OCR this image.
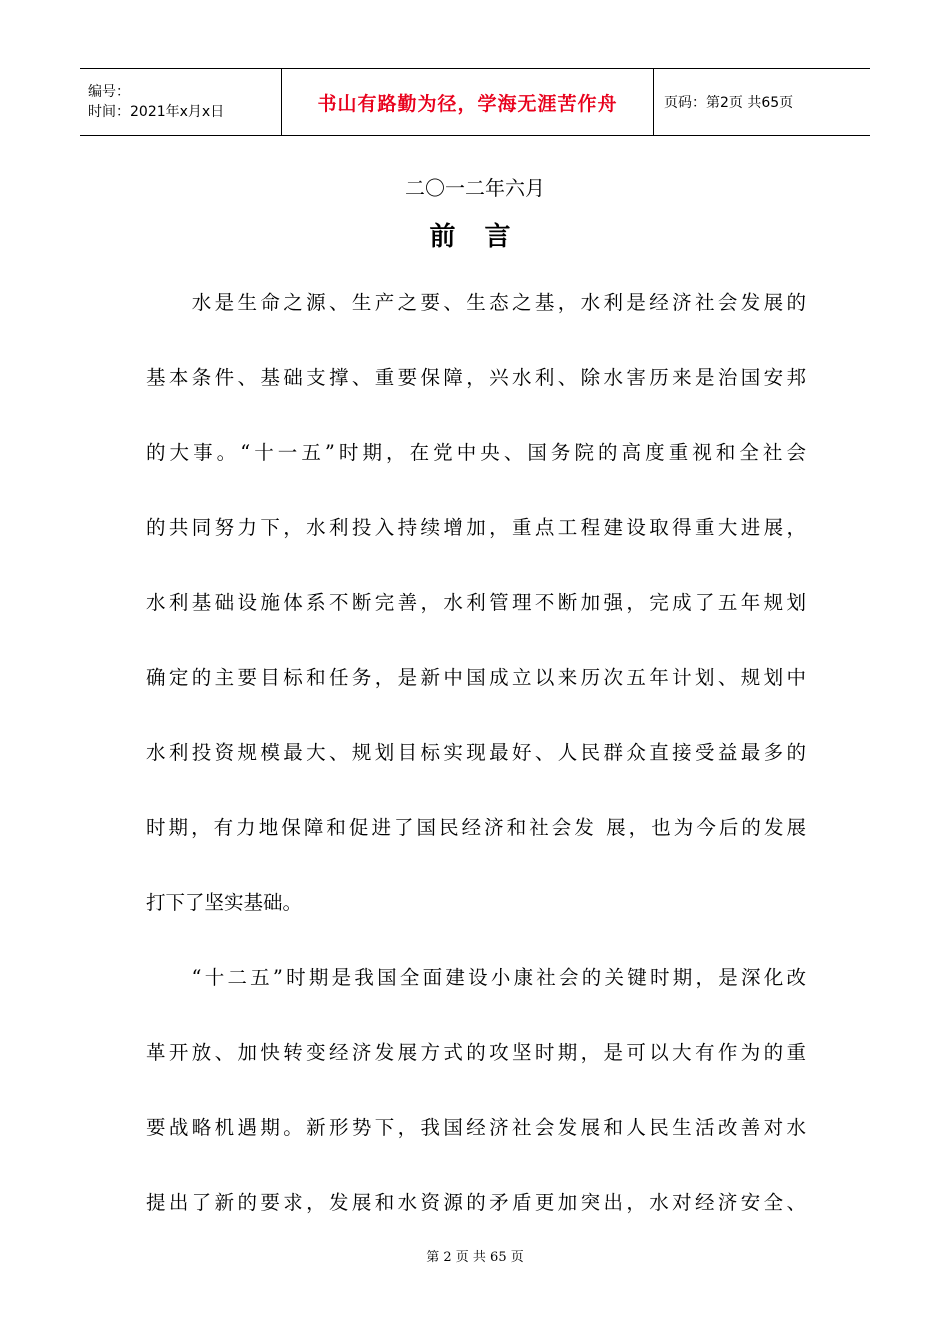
编号：
时间：2021年x月x日	书山有路勤为径，学海无涯苦作舟	页码：第2页 共65页
二〇一二年六月
前 言
　　水是生命之源、生产之要、生态之基，水利是经济社会发展的
基本条件、基础支撑、重要保障，兴水利、除水害历来是治国安邦
的大事。“十一五”时期，在党中央、国务院的高度重视和全社会
的共同努力下，水利投入持续增加，重点工程建设取得重大进展，
水利基础设施体系不断完善，水利管理不断加强，完成了五年规划
确定的主要目标和任务，是新中国成立以来历次五年计划、规划中
水利投资规模最大、规划目标实现最好、人民群众直接受益最多的
时期，有力地保障和促进了国民经济和社会发 展，也为今后的发展
打下了坚实基础。
　　“十二五”时期是我国全面建设小康社会的关键时期，是深化改
革开放、加快转变经济发展方式的攻坚时期，是可以大有作为的重
要战略机遇期。新形势下，我国经济社会发展和人民生活改善对水
提出了新的要求，发展和水资源的矛盾更加突出，水对经济安全、
第 2 页 共 65 页
